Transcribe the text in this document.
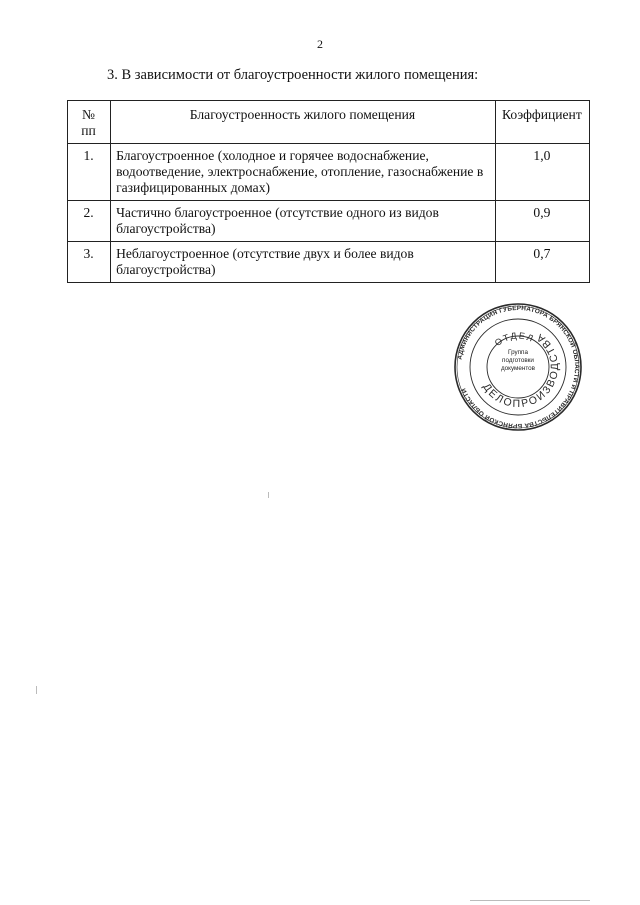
2
3. В зависимости от благоустроенности жилого помещения:
№
пп	Благоустроенность жилого помещения	Коэффициент
1.	Благоустроенное (холодное и горячее водоснабжение, водоотведение, электроснабжение, отопление, газоснабжение в газифицированных домах)	1,0
2.	Частично благоустроенное (отсутствие одного из видов благоустройства)	0,9
3.	Неблагоустроенное (отсутствие двух и более видов благоустройства)	0,7
АДМИНИСТРАЦИЯ ГУБЕРНАТОРА БРЯНСКОЙ ОБЛАСТИ И ПРАВИТЕЛЬСТВА БРЯНСКОЙ ОБЛАСТИ	ДЕЛОПРОИЗВОДСТВА
ОТДЕЛ
Группа
подготовки
документов
